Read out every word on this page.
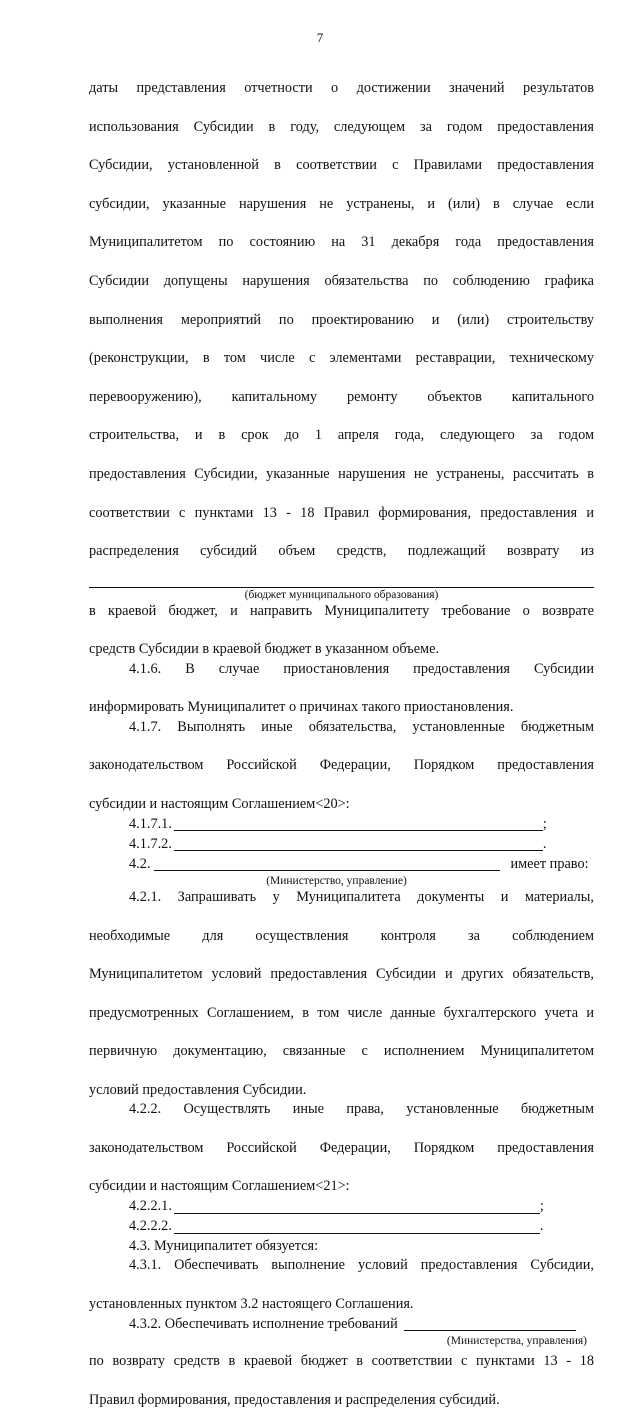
7

даты представления отчетности о достижении значений результатов

использования Субсидии в году, следующем за годом предоставления

Субсидии, установленной в соответствии с Правилами предоставления

субсидии, указанные нарушения не устранены, и (или) в случае если

Муниципалитетом по состоянию на 31 декабря года предоставления

Субсидии допущены нарушения обязательства по соблюдению графика

выполнения мероприятий по проектированию и (или) строительству

(реконструкции, в том числе с элементами реставрации, техническому

перевооружению), капитальному ремонту объектов капитального

строительства, и в срок до 1 апреля года, следующего за годом

предоставления Субсидии, указанные нарушения не устранены, рассчитать в

соответствии с пунктами 13 - 18 Правил формирования, предоставления и

распределения субсидий объем средств, подлежащий возврату из

(бюджет муниципального образования)

в краевой бюджет, и направить Муниципалитету требование о возврате

средств Субсидии в краевой бюджет в указанном объеме.

4.1.6. В случае приостановления предоставления Субсидии

информировать Муниципалитет о причинах такого приостановления.

4.1.7. Выполнять иные обязательства, установленные бюджетным

законодательством Российской Федерации, Порядком предоставления

субсидии и настоящим Соглашением<20>:

4.1.7.1.	;
4.1.7.2.	.
4.2.	имеет право:
(Министерство, управление)

4.2.1. Запрашивать у Муниципалитета документы и материалы,

необходимые для осуществления контроля за соблюдением

Муниципалитетом условий предоставления Субсидии и других обязательств,

предусмотренных Соглашением, в том числе данные бухгалтерского учета и

первичную документацию, связанные с исполнением Муниципалитетом

условий предоставления Субсидии.

4.2.2. Осуществлять иные права, установленные бюджетным

законодательством Российской Федерации, Порядком предоставления

субсидии и настоящим Соглашением<21>:

4.2.2.1.	;
4.2.2.2.	.

4.3. Муниципалитет обязуется:

4.3.1. Обеспечивать выполнение условий предоставления Субсидии,

установленных пунктом 3.2 настоящего Соглашения.

4.3.2. Обеспечивать исполнение требований
(Министерства, управления)

по возврату средств в краевой бюджет в соответствии с пунктами 13 - 18

Правил формирования, предоставления и распределения субсидий.
